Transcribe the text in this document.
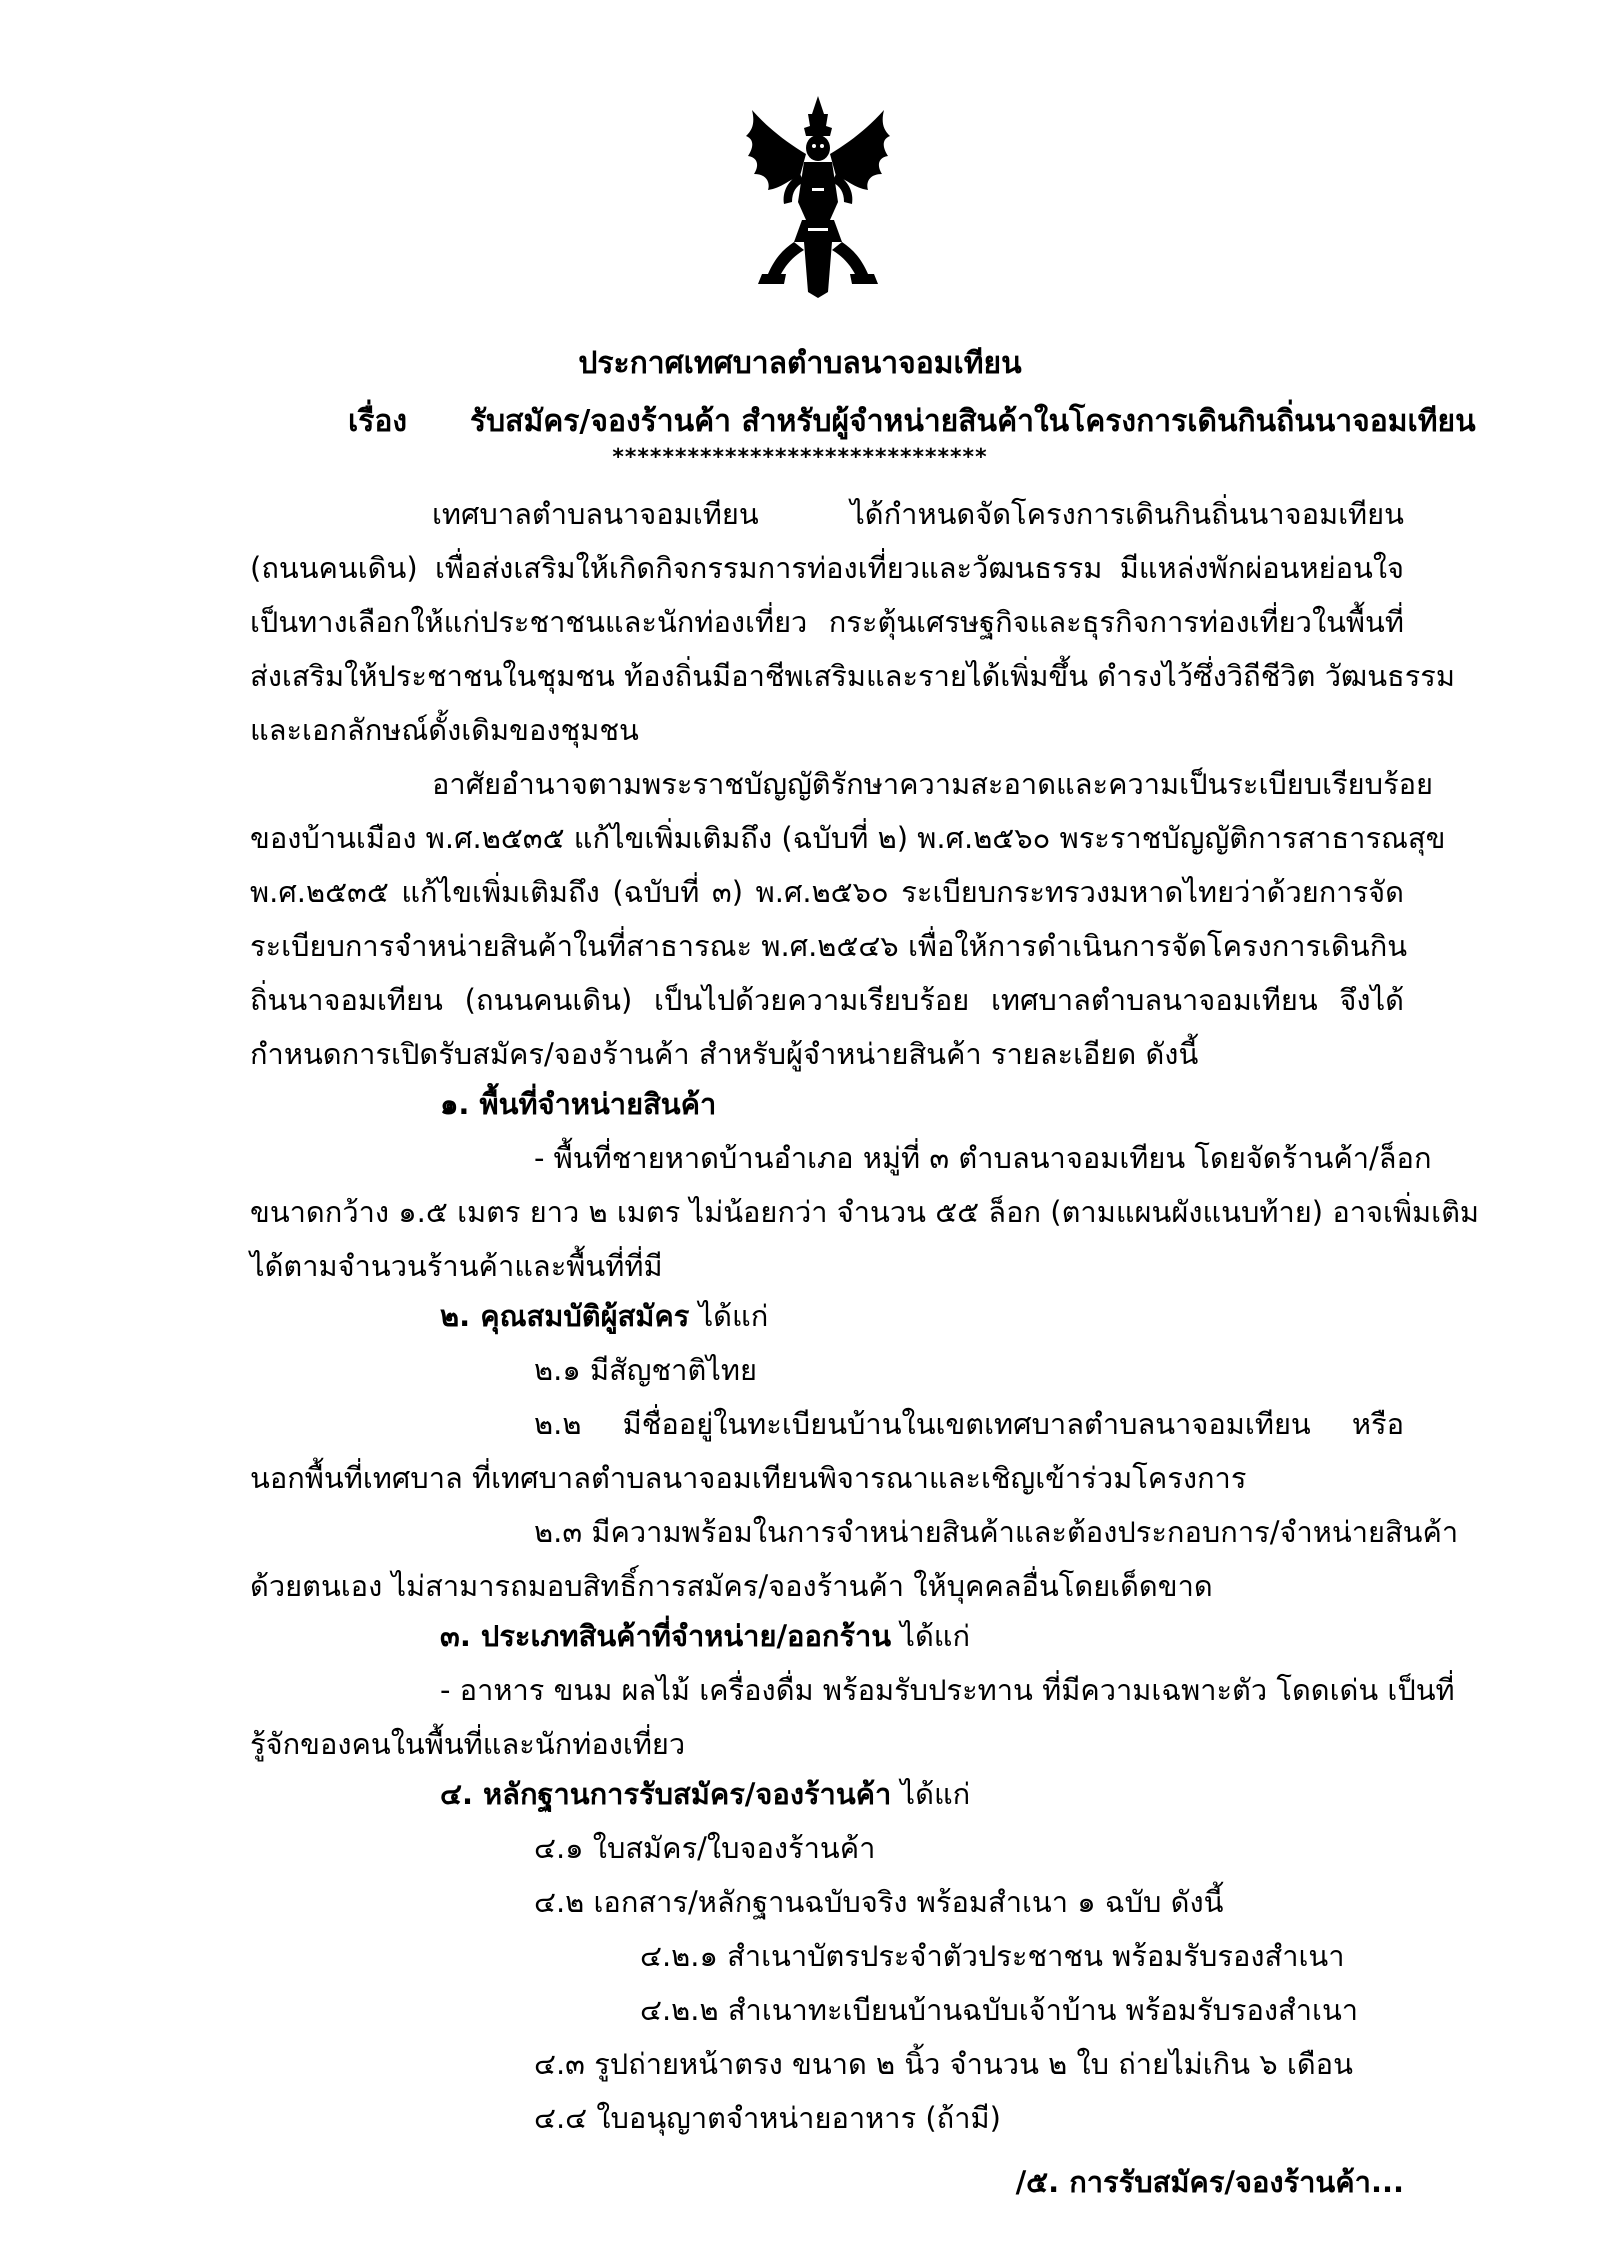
ประกาศเทศบาลตำบลนาจอมเทียน
เรื่อง รับสมัคร/จองร้านค้า สำหรับผู้จำหน่ายสินค้าในโครงการเดินกินถิ่นนาจอมเทียน
******************************
เทศบาลตำบลนาจอมเทียน ได้กำหนดจัดโครงการเดินกินถิ่นนาจอมเทียน
(ถนนคนเดิน) เพื่อส่งเสริมให้เกิดกิจกรรมการท่องเที่ยวและวัฒนธรรม มีแหล่งพักผ่อนหย่อนใจ
เป็นทางเลือกให้แก่ประชาชนและนักท่องเที่ยว กระตุ้นเศรษฐกิจและธุรกิจการท่องเที่ยวในพื้นที่
ส่งเสริมให้ประชาชนในชุมชน ท้องถิ่นมีอาชีพเสริมและรายได้เพิ่มขึ้น ดำรงไว้ซึ่งวิถีชีวิต วัฒนธรรม
และเอกลักษณ์ดั้งเดิมของชุมชน
อาศัยอำนาจตามพระราชบัญญัติรักษาความสะอาดและความเป็นระเบียบเรียบร้อย
ของบ้านเมือง พ.ศ.๒๕๓๕ แก้ไขเพิ่มเติมถึง (ฉบับที่ ๒) พ.ศ.๒๕๖๐ พระราชบัญญัติการสาธารณสุข
พ.ศ.๒๕๓๕ แก้ไขเพิ่มเติมถึง (ฉบับที่ ๓) พ.ศ.๒๕๖๐ ระเบียบกระทรวงมหาดไทยว่าด้วยการจัด
ระเบียบการจำหน่ายสินค้าในที่สาธารณะ พ.ศ.๒๕๔๖ เพื่อให้การดำเนินการจัดโครงการเดินกิน
ถิ่นนาจอมเทียน (ถนนคนเดิน) เป็นไปด้วยความเรียบร้อย เทศบาลตำบลนาจอมเทียน จึงได้
กำหนดการเปิดรับสมัคร/จองร้านค้า สำหรับผู้จำหน่ายสินค้า รายละเอียด ดังนี้
๑. พื้นที่จำหน่ายสินค้า
- พื้นที่ชายหาดบ้านอำเภอ หมู่ที่ ๓ ตำบลนาจอมเทียน โดยจัดร้านค้า/ล็อก
ขนาดกว้าง ๑.๕ เมตร ยาว ๒ เมตร ไม่น้อยกว่า จำนวน ๕๕ ล็อก (ตามแผนผังแนบท้าย) อาจเพิ่มเติม
ได้ตามจำนวนร้านค้าและพื้นที่ที่มี
๒. คุณสมบัติผู้สมัคร ได้แก่
๒.๑ มีสัญชาติไทย
๒.๒ มีชื่ออยู่ในทะเบียนบ้านในเขตเทศบาลตำบลนาจอมเทียน หรือ
นอกพื้นที่เทศบาล ที่เทศบาลตำบลนาจอมเทียนพิจารณาและเชิญเข้าร่วมโครงการ
๒.๓ มีความพร้อมในการจำหน่ายสินค้าและต้องประกอบการ/จำหน่ายสินค้า
ด้วยตนเอง ไม่สามารถมอบสิทธิ์การสมัคร/จองร้านค้า ให้บุคคลอื่นโดยเด็ดขาด
๓. ประเภทสินค้าที่จำหน่าย/ออกร้าน ได้แก่
- อาหาร ขนม ผลไม้ เครื่องดื่ม พร้อมรับประทาน ที่มีความเฉพาะตัว โดดเด่น เป็นที่
รู้จักของคนในพื้นที่และนักท่องเที่ยว
๔. หลักฐานการรับสมัคร/จองร้านค้า ได้แก่
๔.๑ ใบสมัคร/ใบจองร้านค้า
๔.๒ เอกสาร/หลักฐานฉบับจริง พร้อมสำเนา ๑ ฉบับ ดังนี้
๔.๒.๑ สำเนาบัตรประจำตัวประชาชน พร้อมรับรองสำเนา
๔.๒.๒ สำเนาทะเบียนบ้านฉบับเจ้าบ้าน พร้อมรับรองสำเนา
๔.๓ รูปถ่ายหน้าตรง ขนาด ๒ นิ้ว จำนวน ๒ ใบ ถ่ายไม่เกิน ๖ เดือน
๔.๔ ใบอนุญาตจำหน่ายอาหาร (ถ้ามี)
/๕. การรับสมัคร/จองร้านค้า...
